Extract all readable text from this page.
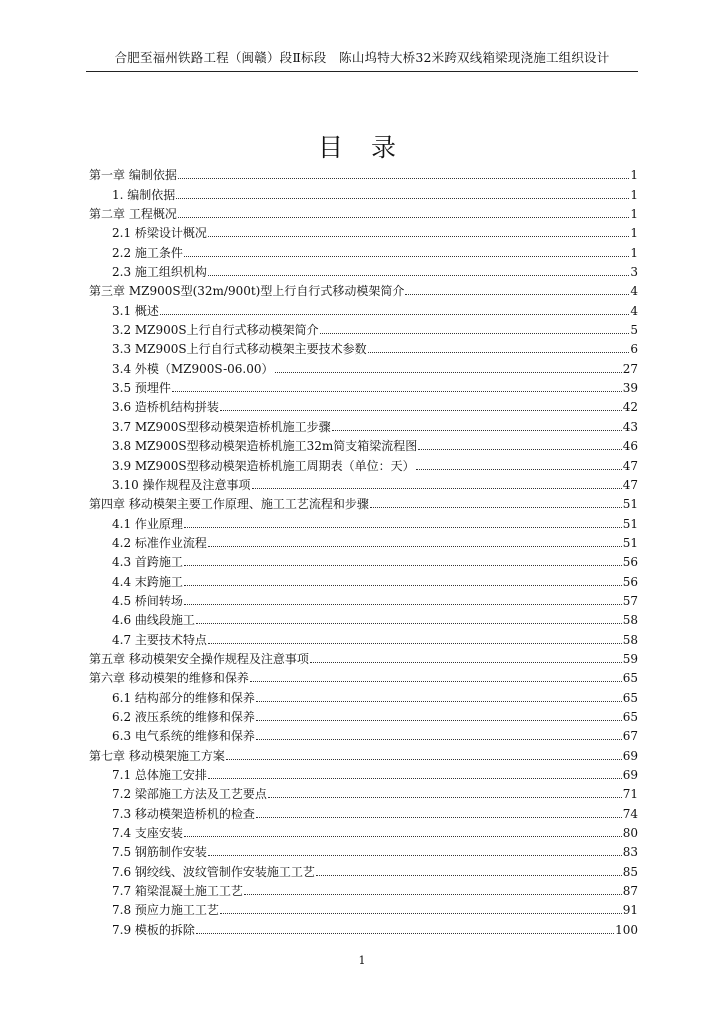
合肥至福州铁路工程（闽赣）段Ⅱ标段　陈山坞特大桥32米跨双线箱梁现浇施工组织设计
目 录
第一章 编制依据	1
1. 编制依据	1
第二章 工程概况	1
2.1 桥梁设计概况	1
2.2 施工条件	1
2.3 施工组织机构	3
第三章 MZ900S型(32m/900t)型上行自行式移动模架简介	4
3.1 概述	4
3.2 MZ900S上行自行式移动模架简介	5
3.3 MZ900S上行自行式移动模架主要技术参数	6
3.4 外模（MZ900S-06.00）	27
3.5 预埋件	39
3.6 造桥机结构拼装	42
3.7 MZ900S型移动模架造桥机施工步骤	43
3.8 MZ900S型移动模架造桥机施工32m简支箱梁流程图	46
3.9 MZ900S型移动模架造桥机施工周期表（单位：天）	47
3.10 操作规程及注意事项	47
第四章 移动模架主要工作原理、施工工艺流程和步骤	51
4.1 作业原理	51
4.2 标准作业流程	51
4.3 首跨施工	56
4.4 末跨施工	56
4.5 桥间转场	57
4.6 曲线段施工	58
4.7 主要技术特点	58
第五章 移动模架安全操作规程及注意事项	59
第六章 移动模架的维修和保养	65
6.1 结构部分的维修和保养	65
6.2 液压系统的维修和保养	65
6.3 电气系统的维修和保养	67
第七章 移动模架施工方案	69
7.1 总体施工安排	69
7.2 梁部施工方法及工艺要点	71
7.3 移动模架造桥机的检查	74
7.4 支座安装	80
7.5 钢筋制作安装	83
7.6 钢绞线、波纹管制作安装施工工艺	85
7.7 箱梁混凝土施工工艺	87
7.8 预应力施工工艺	91
7.9 模板的拆除	100
1
